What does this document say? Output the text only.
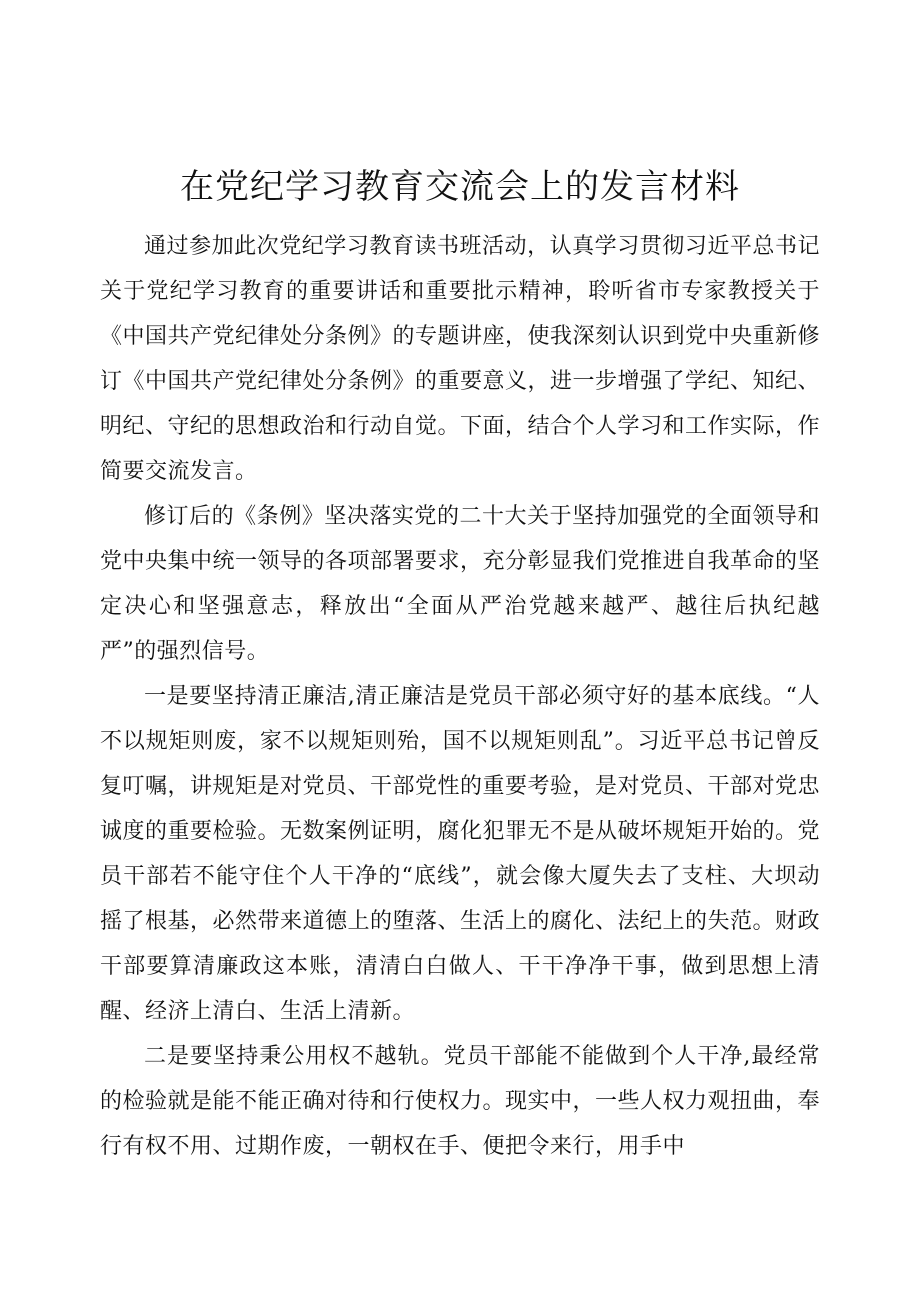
在党纪学习教育交流会上的发言材料

通过参加此次党纪学习教育读书班活动，认真学习贯彻习近平总书记关于党纪学习教育的重要讲话和重要批示精神，聆听省市专家教授关于《中国共产党纪律处分条例》的专题讲座，使我深刻认识到党中央重新修订《中国共产党纪律处分条例》的重要意义，进一步增强了学纪、知纪、明纪、守纪的思想政治和行动自觉。下面，结合个人学习和工作实际，作简要交流发言。

修订后的《条例》坚决落实党的二十大关于坚持加强党的全面领导和党中央集中统一领导的各项部署要求，充分彰显我们党推进自我革命的坚定决心和坚强意志，释放出“全面从严治党越来越严、越往后执纪越严”的强烈信号。

一是要坚持清正廉洁,清正廉洁是党员干部必须守好的基本底线。“人不以规矩则废，家不以规矩则殆，国不以规矩则乱”。习近平总书记曾反复叮嘱，讲规矩是对党员、干部党性的重要考验，是对党员、干部对党忠诚度的重要检验。无数案例证明，腐化犯罪无不是从破坏规矩开始的。党员干部若不能守住个人干净的“底线”，就会像大厦失去了支柱、大坝动摇了根基，必然带来道德上的堕落、生活上的腐化、法纪上的失范。财政干部要算清廉政这本账，清清白白做人、干干净净干事，做到思想上清醒、经济上清白、生活上清新。

二是要坚持秉公用权不越轨。党员干部能不能做到个人干净,最经常的检验就是能不能正确对待和行使权力。现实中，一些人权力观扭曲，奉行有权不用、过期作废，一朝权在手、便把令来行，用手中
